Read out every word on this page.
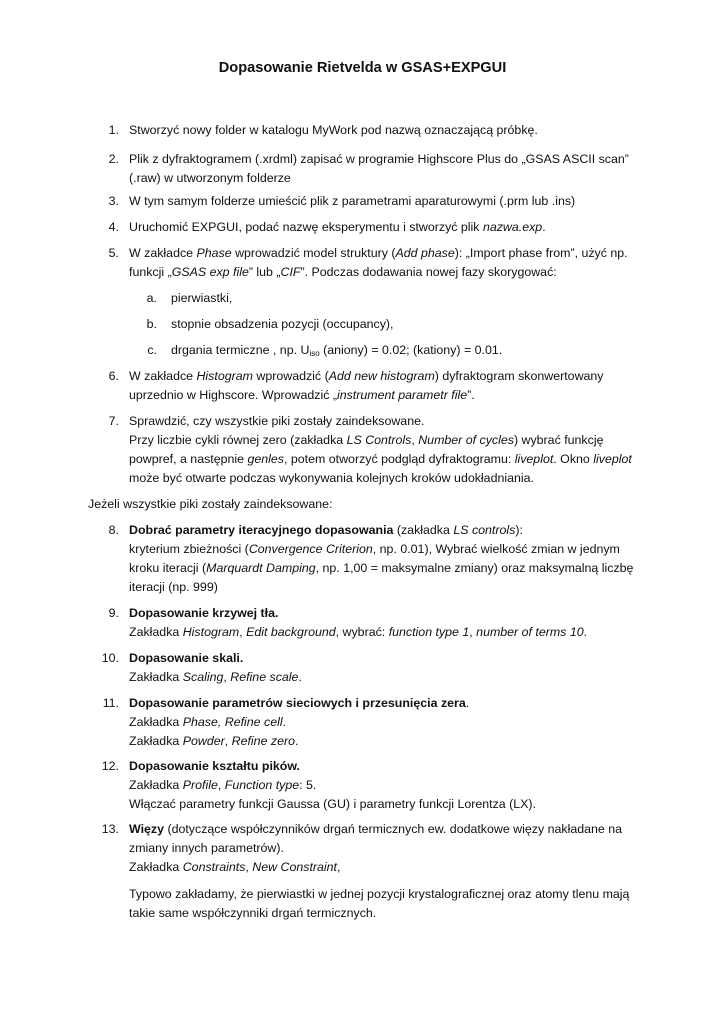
Dopasowanie Rietvelda w GSAS+EXPGUI
1. Stworzyć nowy folder w katalogu MyWork pod nazwą oznaczającą próbkę.
2. Plik z dyfraktogramem (.xrdml) zapisać w programie Highscore Plus do „GSAS ASCII scan”
(.raw) w utworzonym folderze
3. W tym samym folderze umieścić plik z parametrami aparaturowymi (.prm lub .ins)
4. Uruchomić EXPGUI, podać nazwę eksperymentu i stworzyć plik nazwa.exp.
5. W zakładce Phase wprowadzić model struktury (Add phase): „Import phase from”, użyć np.
funkcji „GSAS exp file” lub „CIF”. Podczas dodawania nowej fazy skorygować:
a. pierwiastki,
b. stopnie obsadzenia pozycji (occupancy),
c. drgania termiczne , np. $U_{iso}$ (aniony) = 0.02; (kationy) = 0.01.
6. W zakładce Histogram wprowadzić (Add new histogram) dyfraktogram skonwertowany
uprzednio w Highscore. Wprowadzić „instrument parametr file”.
7. Sprawdzić, czy wszystkie piki zostały zaindeksowane.
Przy liczbie cykli równej zero (zakładka LS Controls, Number of cycles) wybrać funkcję
powpref, a następnie genles, potem otworzyć podgląd dyfraktogramu: liveplot. Okno liveplot
może być otwarte podczas wykonywania kolejnych kroków udokładniania.
Jeżeli wszystkie piki zostały zaindeksowane:
8. Dobrać parametry iteracyjnego dopasowania (zakładka LS controls):
kryterium zbieżności (Convergence Criterion, np. 0.01), Wybrać wielkość zmian w jednym
kroku iteracji (Marquardt Damping, np. 1,00 = maksymalne zmiany) oraz maksymalną liczbę
iteracji (np. 999)
9. Dopasowanie krzywej tła.
Zakładka Histogram, Edit background, wybrać: function type 1, number of terms 10.
10. Dopasowanie skali.
Zakładka Scaling, Refine scale.
11. Dopasowanie parametrów sieciowych i przesunięcia zera.
Zakładka Phase, Refine cell.
Zakładka Powder, Refine zero.
12. Dopasowanie kształtu pików.
Zakładka Profile, Function type: 5.
Włączać parametry funkcji Gaussa (GU) i parametry funkcji Lorentza (LX).
13. Więzy (dotyczące współczynników drgań termicznych ew. dodatkowe więzy nakładane na
zmiany innych parametrów).
Zakładka Constraints, New Constraint,
Typowo zakładamy, że pierwiastki w jednej pozycji krystalograficznej oraz atomy tlenu mają
takie same współczynniki drgań termicznych.
